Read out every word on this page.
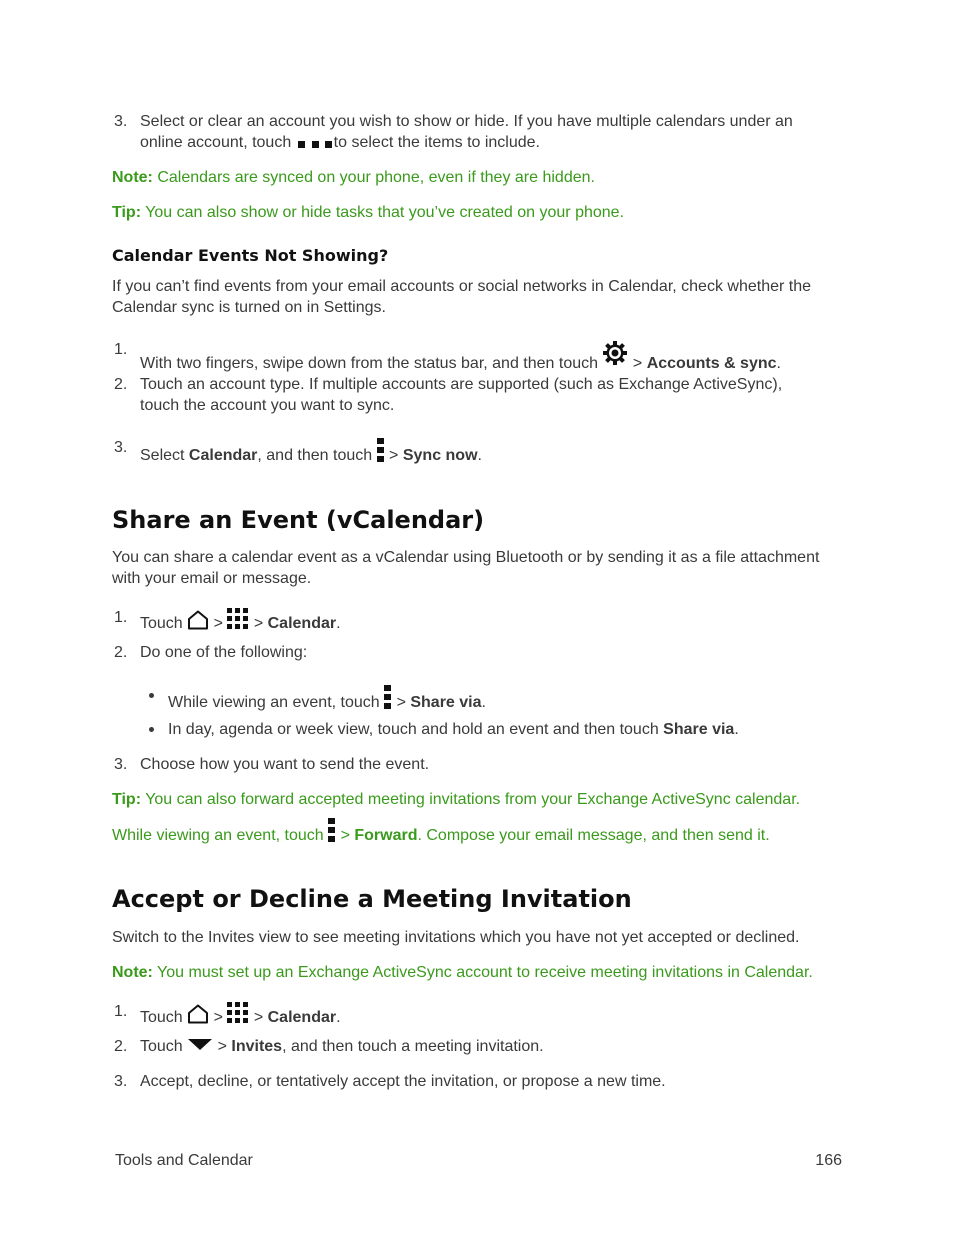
3. Select or clear an account you wish to show or hide. If you have multiple calendars under an
online account, touch	to select the items to include.
Note: Calendars are synced on your phone, even if they are hidden.
Tip: You can also show or hide tasks that you’ve created on your phone.
Calendar Events Not Showing?
If you can’t find events from your email accounts or social networks in Calendar, check whether the
Calendar sync is turned on in Settings.
1.
With two fingers, swipe down from the status bar, and then touch
> Accounts & sync.
2. Touch an account type. If multiple accounts are supported (such as Exchange ActiveSync),
touch the account you want to sync.
3. Select Calendar, and then touch
> Sync now.
Share an Event (vCalendar)
You can share a calendar event as a vCalendar using Bluetooth or by sending it as a file attachment
with your email or message.
1. Touch
>
> Calendar.
2. Do one of the following:
While viewing an event, touch
> Share via.
In day, agenda or week view, touch and hold an event and then touch Share via.
3. Choose how you want to send the event.
Tip: You can also forward accepted meeting invitations from your Exchange ActiveSync calendar.
While viewing an event, touch
> Forward. Compose your email message, and then send it.
Accept or Decline a Meeting Invitation
Switch to the Invites view to see meeting invitations which you have not yet accepted or declined.
Note: You must set up an Exchange ActiveSync account to receive meeting invitations in Calendar.
1. Touch
>
> Calendar.
2. Touch
> Invites, and then touch a meeting invitation.
3. Accept, decline, or tentatively accept the invitation, or propose a new time.
Tools and Calendar	166
